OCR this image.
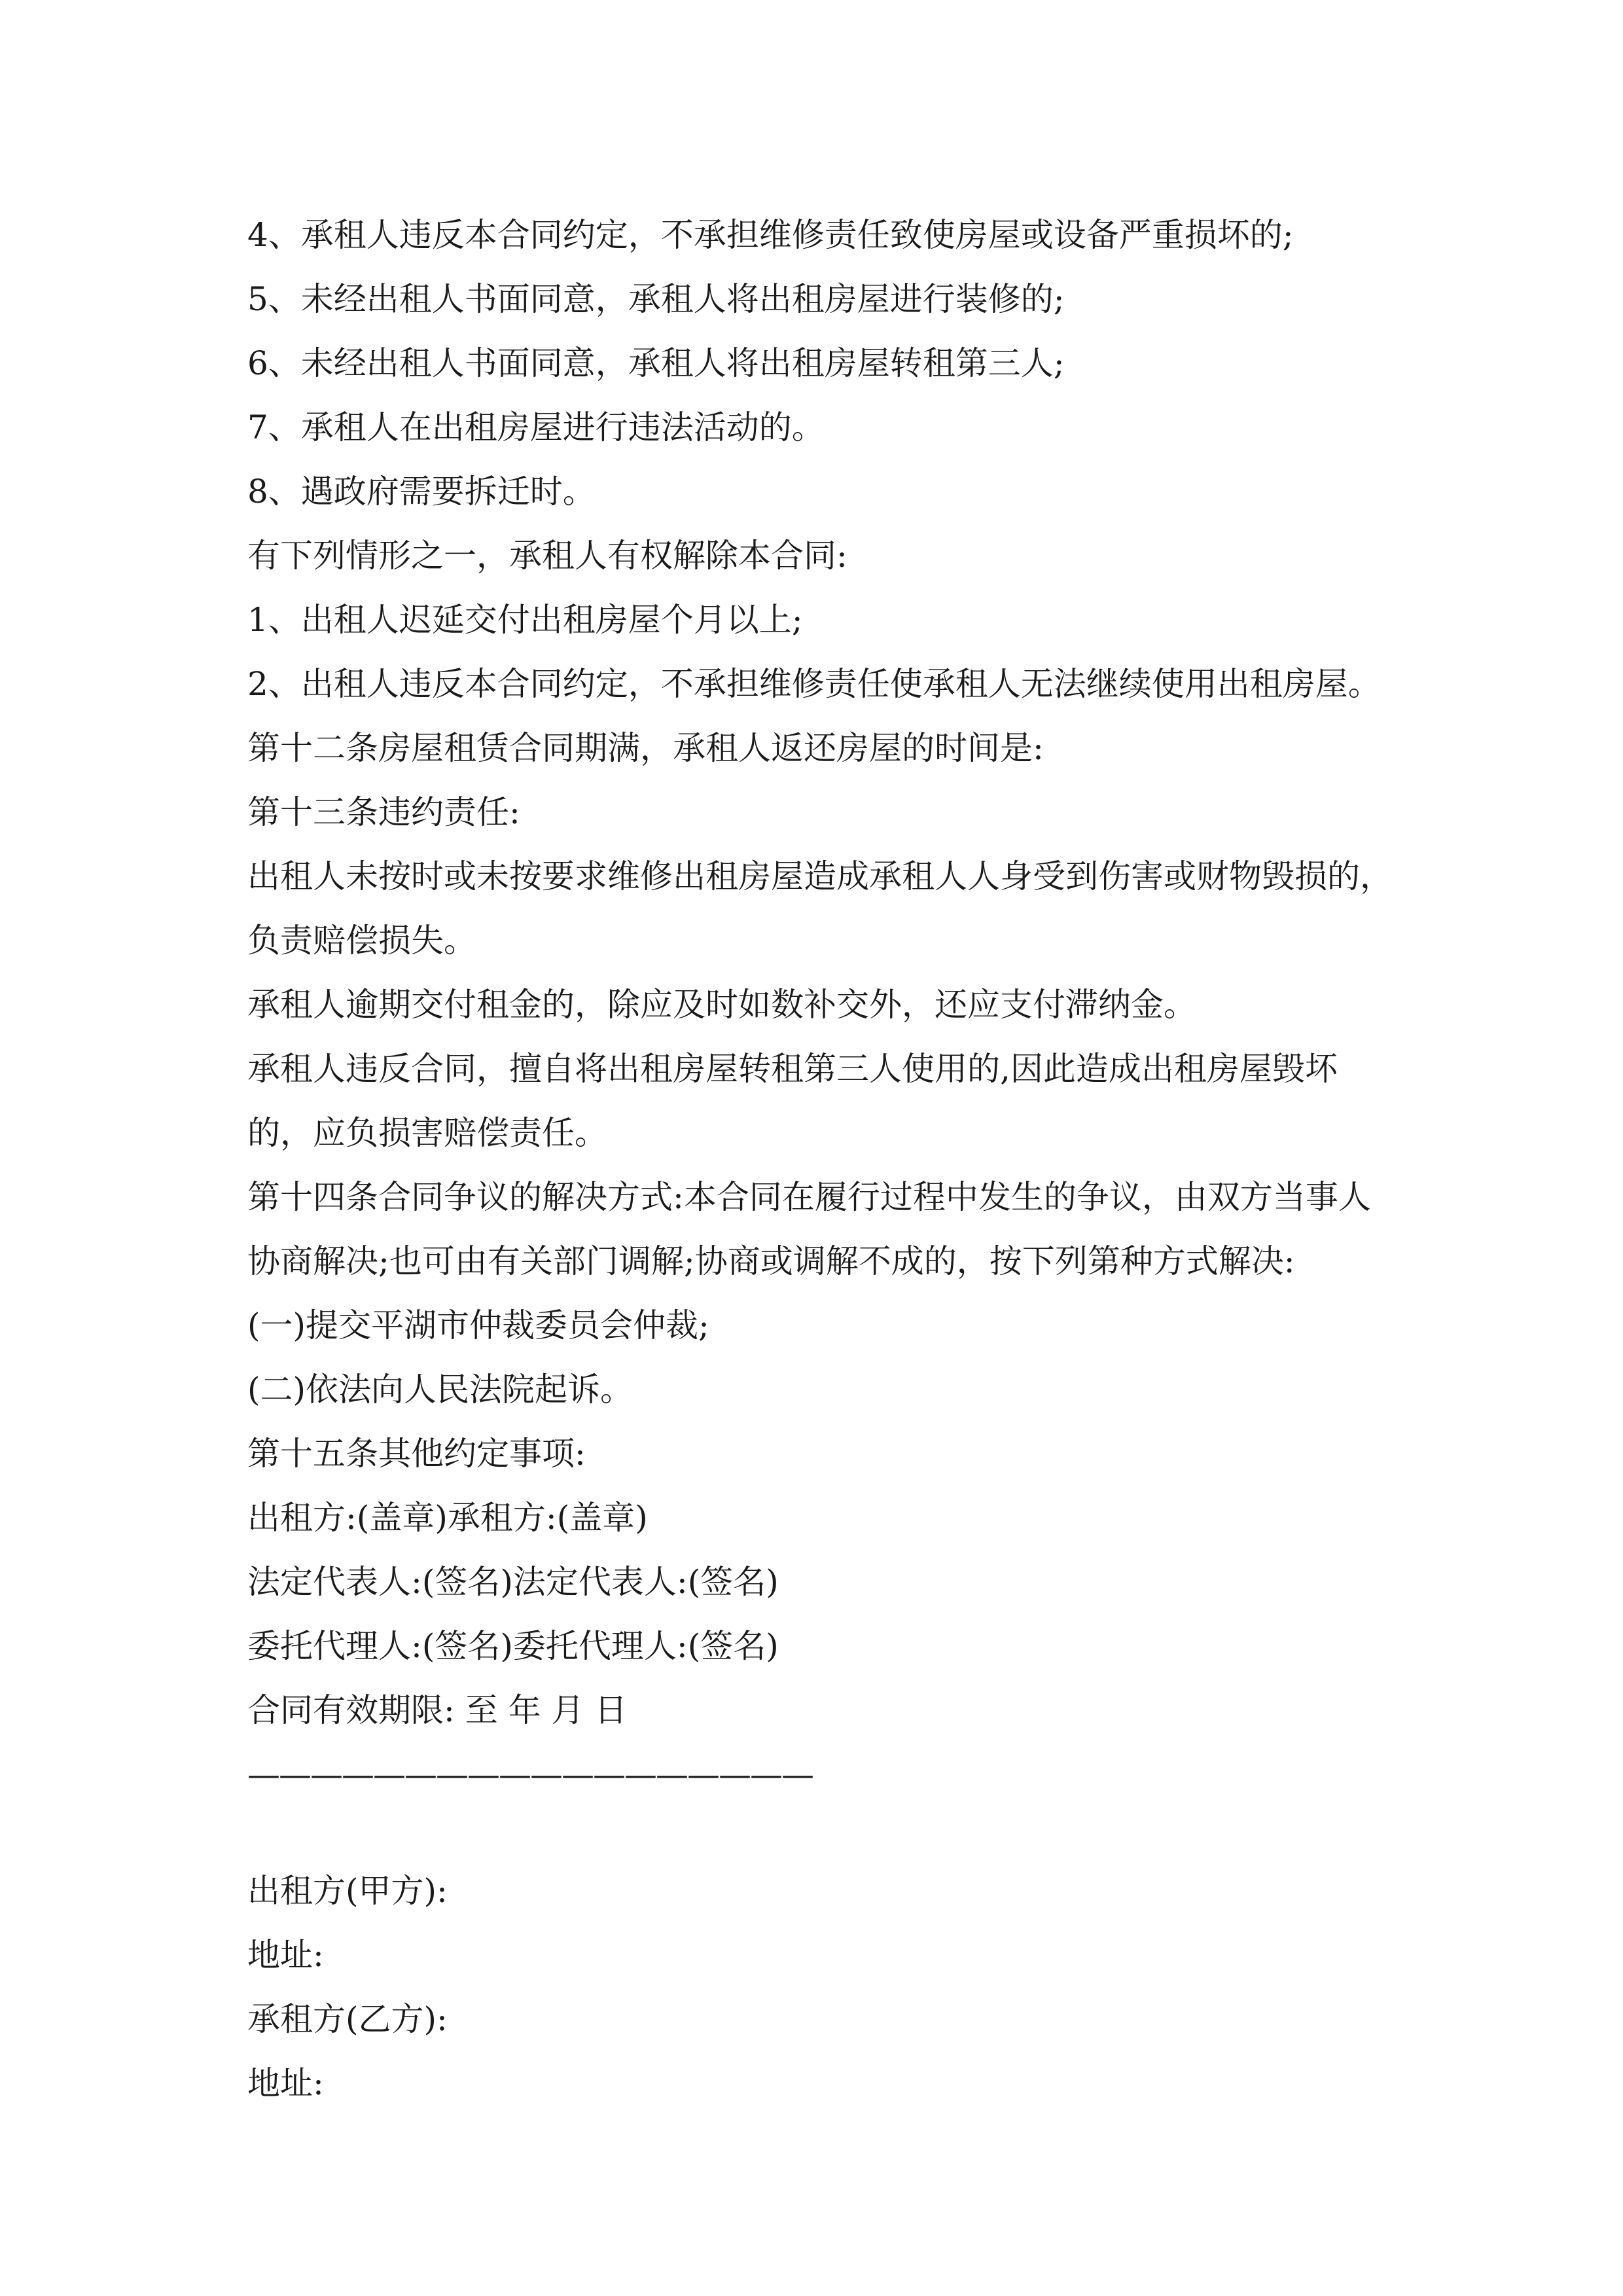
4、承租人违反本合同约定，不承担维修责任致使房屋或设备严重损坏的;
5、未经出租人书面同意，承租人将出租房屋进行装修的;
6、未经出租人书面同意，承租人将出租房屋转租第三人;
7、承租人在出租房屋进行违法活动的。
8、遇政府需要拆迁时。
有下列情形之一，承租人有权解除本合同:
1、出租人迟延交付出租房屋个月以上;
2、出租人违反本合同约定，不承担维修责任使承租人无法继续使用出租房屋。
第十二条房屋租赁合同期满，承租人返还房屋的时间是:
第十三条违约责任:
出租人未按时或未按要求维修出租房屋造成承租人人身受到伤害或财物毁损的，负责赔偿损失。
承租人逾期交付租金的，除应及时如数补交外，还应支付滞纳金。
承租人违反合同，擅自将出租房屋转租第三人使用的,因此造成出租房屋毁坏的，应负损害赔偿责任。
第十四条合同争议的解决方式:本合同在履行过程中发生的争议，由双方当事人协商解决;也可由有关部门调解;协商或调解不成的，按下列第种方式解决:
(一)提交平湖市仲裁委员会仲裁;
(二)依法向人民法院起诉。
第十五条其他约定事项:
出租方:(盖章)承租方:(盖章)
法定代表人:(签名)法定代表人:(签名)
委托代理人:(签名)委托代理人:(签名)
合同有效期限: 至 年 月 日
——————————————————
出租方(甲方):
地址:
承租方(乙方):
地址:
